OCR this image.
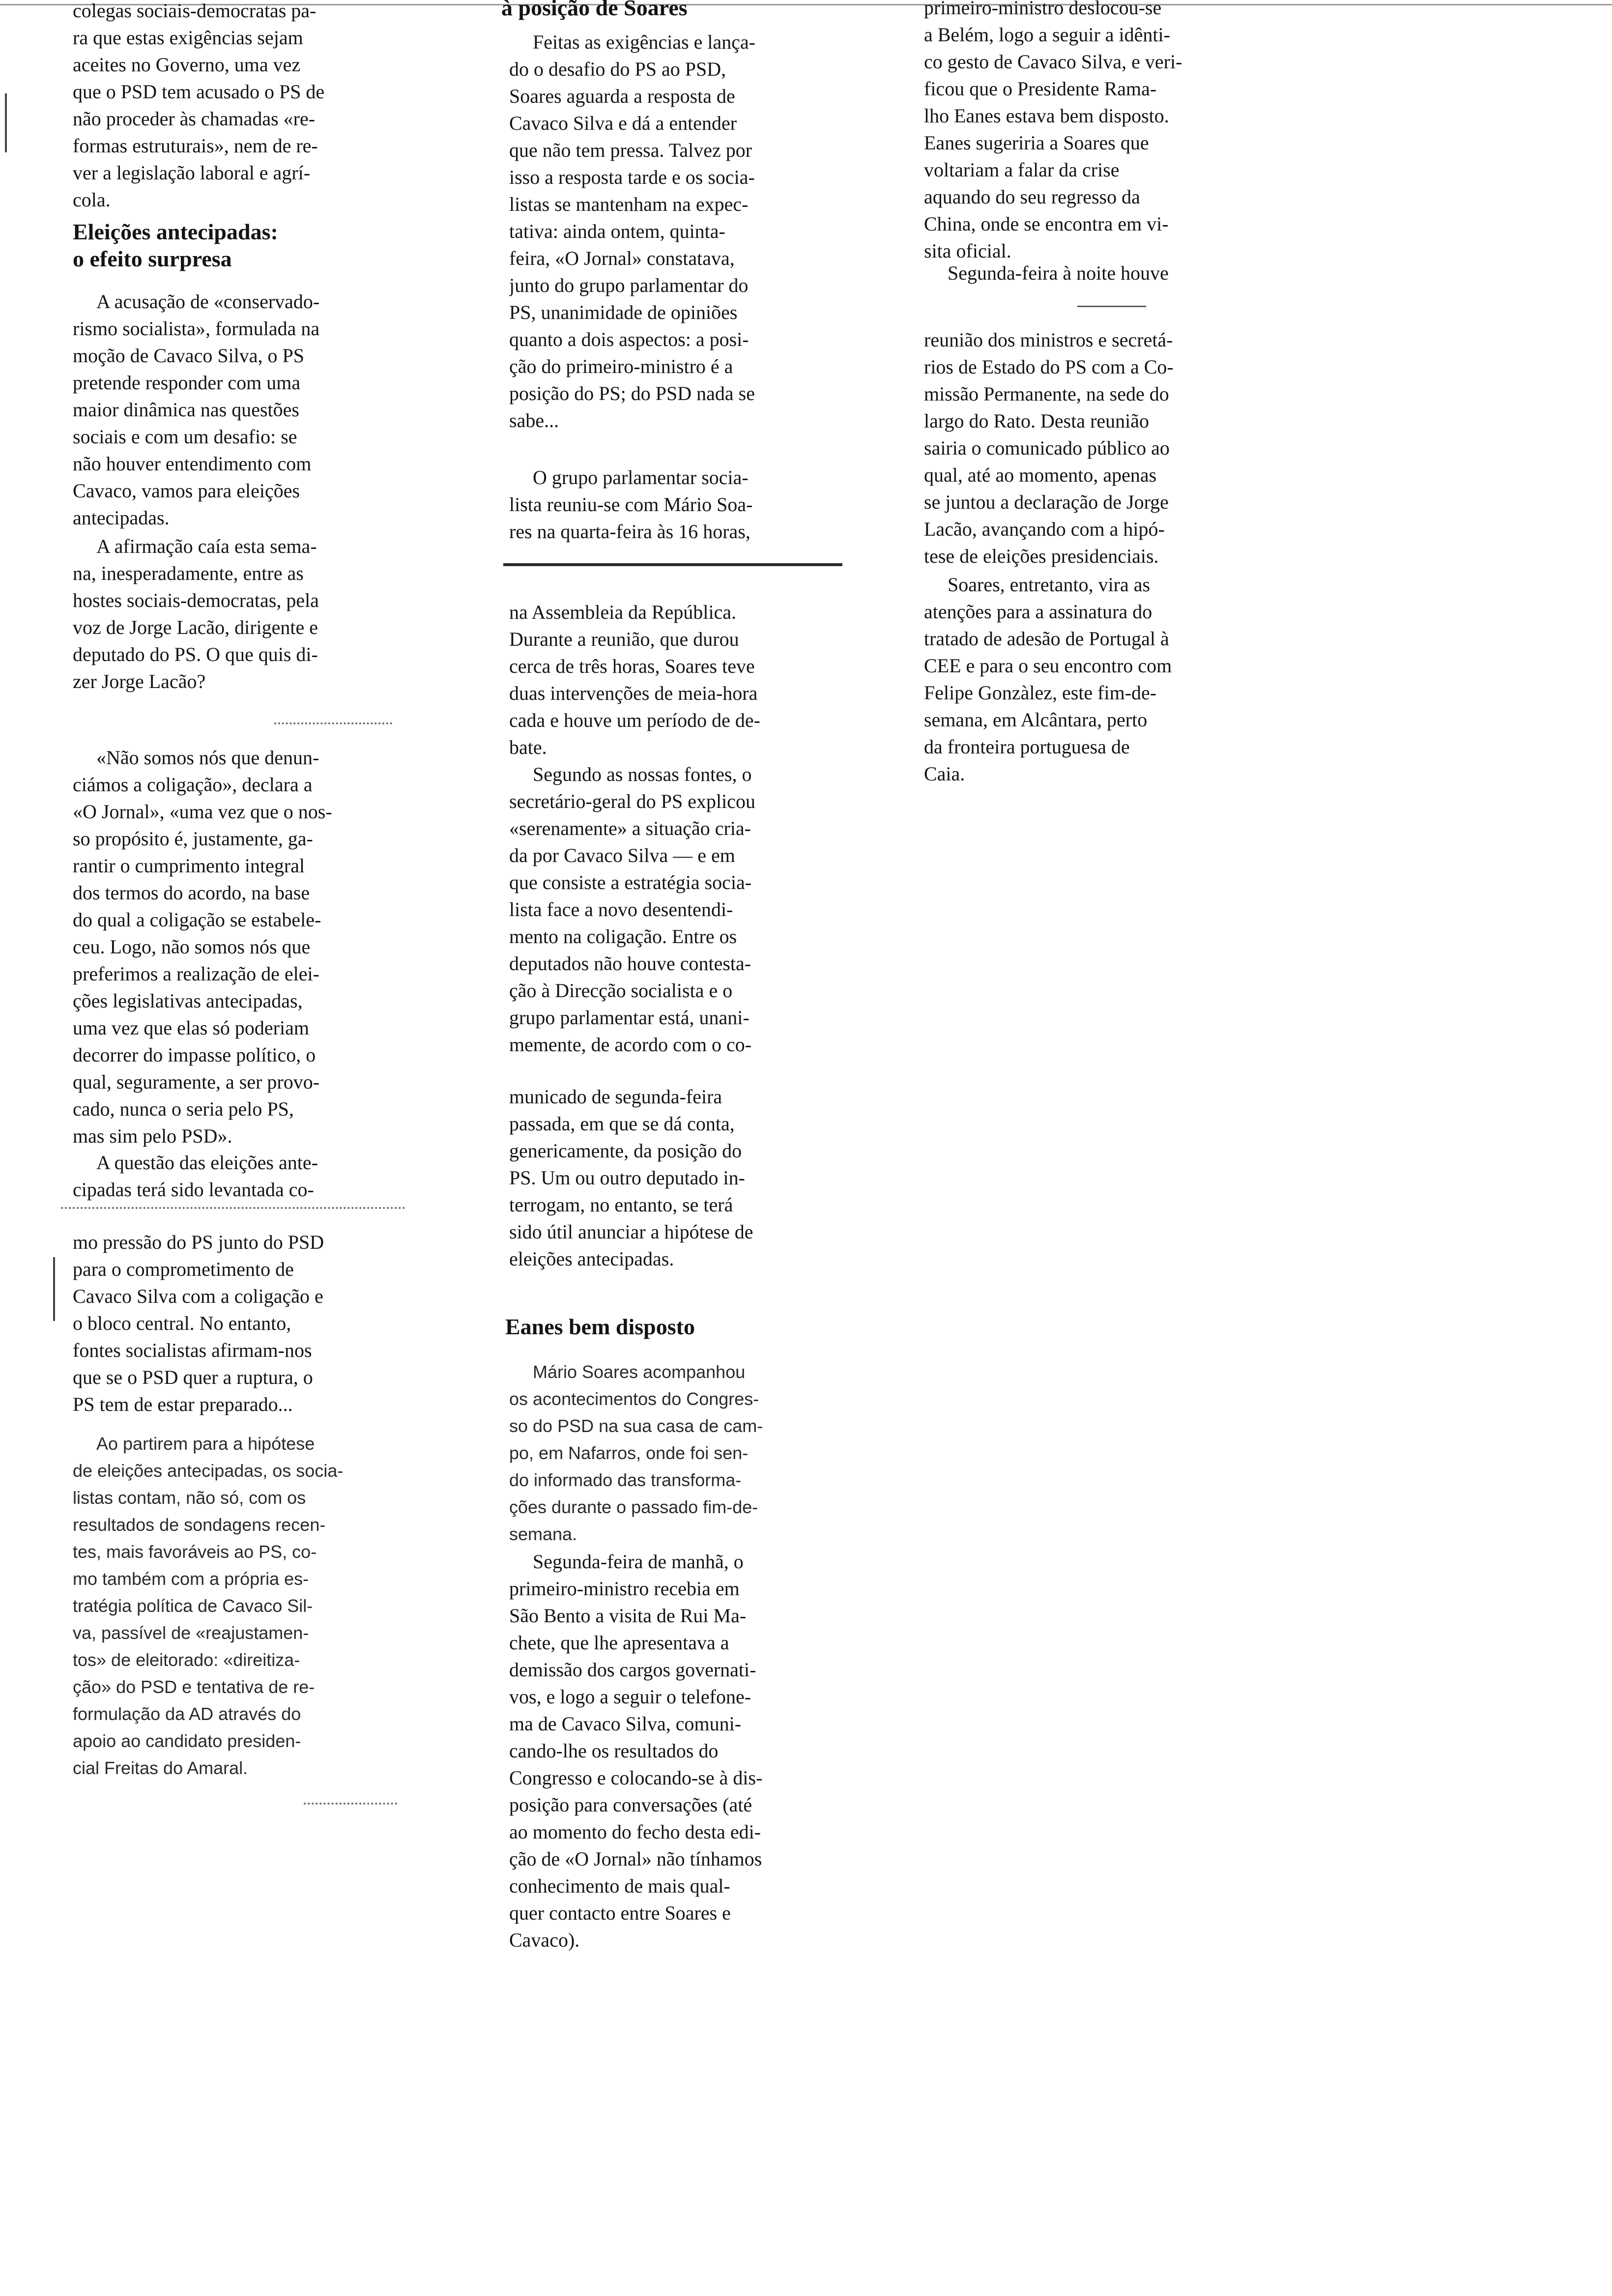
colegas sociais-democratas pa-
ra que estas exigências sejam
aceites no Governo, uma vez
que o PSD tem acusado o PS de
não proceder às chamadas «re-
formas estruturais», nem de re-
ver a legislação laboral e agrí-
cola.
Eleições antecipadas:
o efeito surpresa
A acusação de «conservado-
rismo socialista», formulada na
moção de Cavaco Silva, o PS
pretende responder com uma
maior dinâmica nas questões
sociais e com um desafio: se
não houver entendimento com
Cavaco, vamos para eleições
antecipadas.
A afirmação caía esta sema-
na, inesperadamente, entre as
hostes sociais-democratas, pela
voz de Jorge Lacão, dirigente e
deputado do PS. O que quis di-
zer Jorge Lacão?
«Não somos nós que denun-
ciámos a coligação», declara a
«O Jornal», «uma vez que o nos-
so propósito é, justamente, ga-
rantir o cumprimento integral
dos termos do acordo, na base
do qual a coligação se estabele-
ceu. Logo, não somos nós que
preferimos a realização de elei-
ções legislativas antecipadas,
uma vez que elas só poderiam
decorrer do impasse político, o
qual, seguramente, a ser provo-
cado, nunca o seria pelo PS,
mas sim pelo PSD».
A questão das eleições ante-
cipadas terá sido levantada co-
mo pressão do PS junto do PSD
para o comprometimento de
Cavaco Silva com a coligação e
o bloco central. No entanto,
fontes socialistas afirmam-nos
que se o PSD quer a ruptura, o
PS tem de estar preparado...
Ao partirem para a hipótese
de eleições antecipadas, os socia-
listas contam, não só, com os
resultados de sondagens recen-
tes, mais favoráveis ao PS, co-
mo também com a própria es-
tratégia política de Cavaco Sil-
va, passível de «reajustamen-
tos» de eleitorado: «direitiza-
ção» do PSD e tentativa de re-
formulação da AD através do
apoio ao candidato presiden-
cial Freitas do Amaral.
à posição de Soares
Feitas as exigências e lança-
do o desafio do PS ao PSD,
Soares aguarda a resposta de
Cavaco Silva e dá a entender
que não tem pressa. Talvez por
isso a resposta tarde e os socia-
listas se mantenham na expec-
tativa: ainda ontem, quinta-
feira, «O Jornal» constatava,
junto do grupo parlamentar do
PS, unanimidade de opiniões
quanto a dois aspectos: a posi-
ção do primeiro-ministro é a
posição do PS; do PSD nada se
sabe...
O grupo parlamentar socia-
lista reuniu-se com Mário Soa-
res na quarta-feira às 16 horas,
na Assembleia da República.
Durante a reunião, que durou
cerca de três horas, Soares teve
duas intervenções de meia-hora
cada e houve um período de de-
bate.
Segundo as nossas fontes, o
secretário-geral do PS explicou
«serenamente» a situação cria-
da por Cavaco Silva — e em
que consiste a estratégia socia-
lista face a novo desentendi-
mento na coligação. Entre os
deputados não houve contesta-
ção à Direcção socialista e o
grupo parlamentar está, unani-
memente, de acordo com o co-
municado de segunda-feira
passada, em que se dá conta,
genericamente, da posição do
PS. Um ou outro deputado in-
terrogam, no entanto, se terá
sido útil anunciar a hipótese de
eleições antecipadas.
Eanes bem disposto
Mário Soares acompanhou
os acontecimentos do Congres-
so do PSD na sua casa de cam-
po, em Nafarros, onde foi sen-
do informado das transforma-
ções durante o passado fim-de-
semana.
Segunda-feira de manhã, o
primeiro-ministro recebia em
São Bento a visita de Rui Ma-
chete, que lhe apresentava a
demissão dos cargos governati-
vos, e logo a seguir o telefone-
ma de Cavaco Silva, comuni-
cando-lhe os resultados do
Congresso e colocando-se à dis-
posição para conversações (até
ao momento do fecho desta edi-
ção de «O Jornal» não tínhamos
conhecimento de mais qual-
quer contacto entre Soares e
Cavaco).
primeiro-ministro deslocou-se
a Belém, logo a seguir a idênti-
co gesto de Cavaco Silva, e veri-
ficou que o Presidente Rama-
lho Eanes estava bem disposto.
Eanes sugeriria a Soares que
voltariam a falar da crise
aquando do seu regresso da
China, onde se encontra em vi-
sita oficial.
Segunda-feira à noite houve
reunião dos ministros e secretá-
rios de Estado do PS com a Co-
missão Permanente, na sede do
largo do Rato. Desta reunião
sairia o comunicado público ao
qual, até ao momento, apenas
se juntou a declaração de Jorge
Lacão, avançando com a hipó-
tese de eleições presidenciais.
Soares, entretanto, vira as
atenções para a assinatura do
tratado de adesão de Portugal à
CEE e para o seu encontro com
Felipe Gonzàlez, este fim-de-
semana, em Alcântara, perto
da fronteira portuguesa de
Caia.
